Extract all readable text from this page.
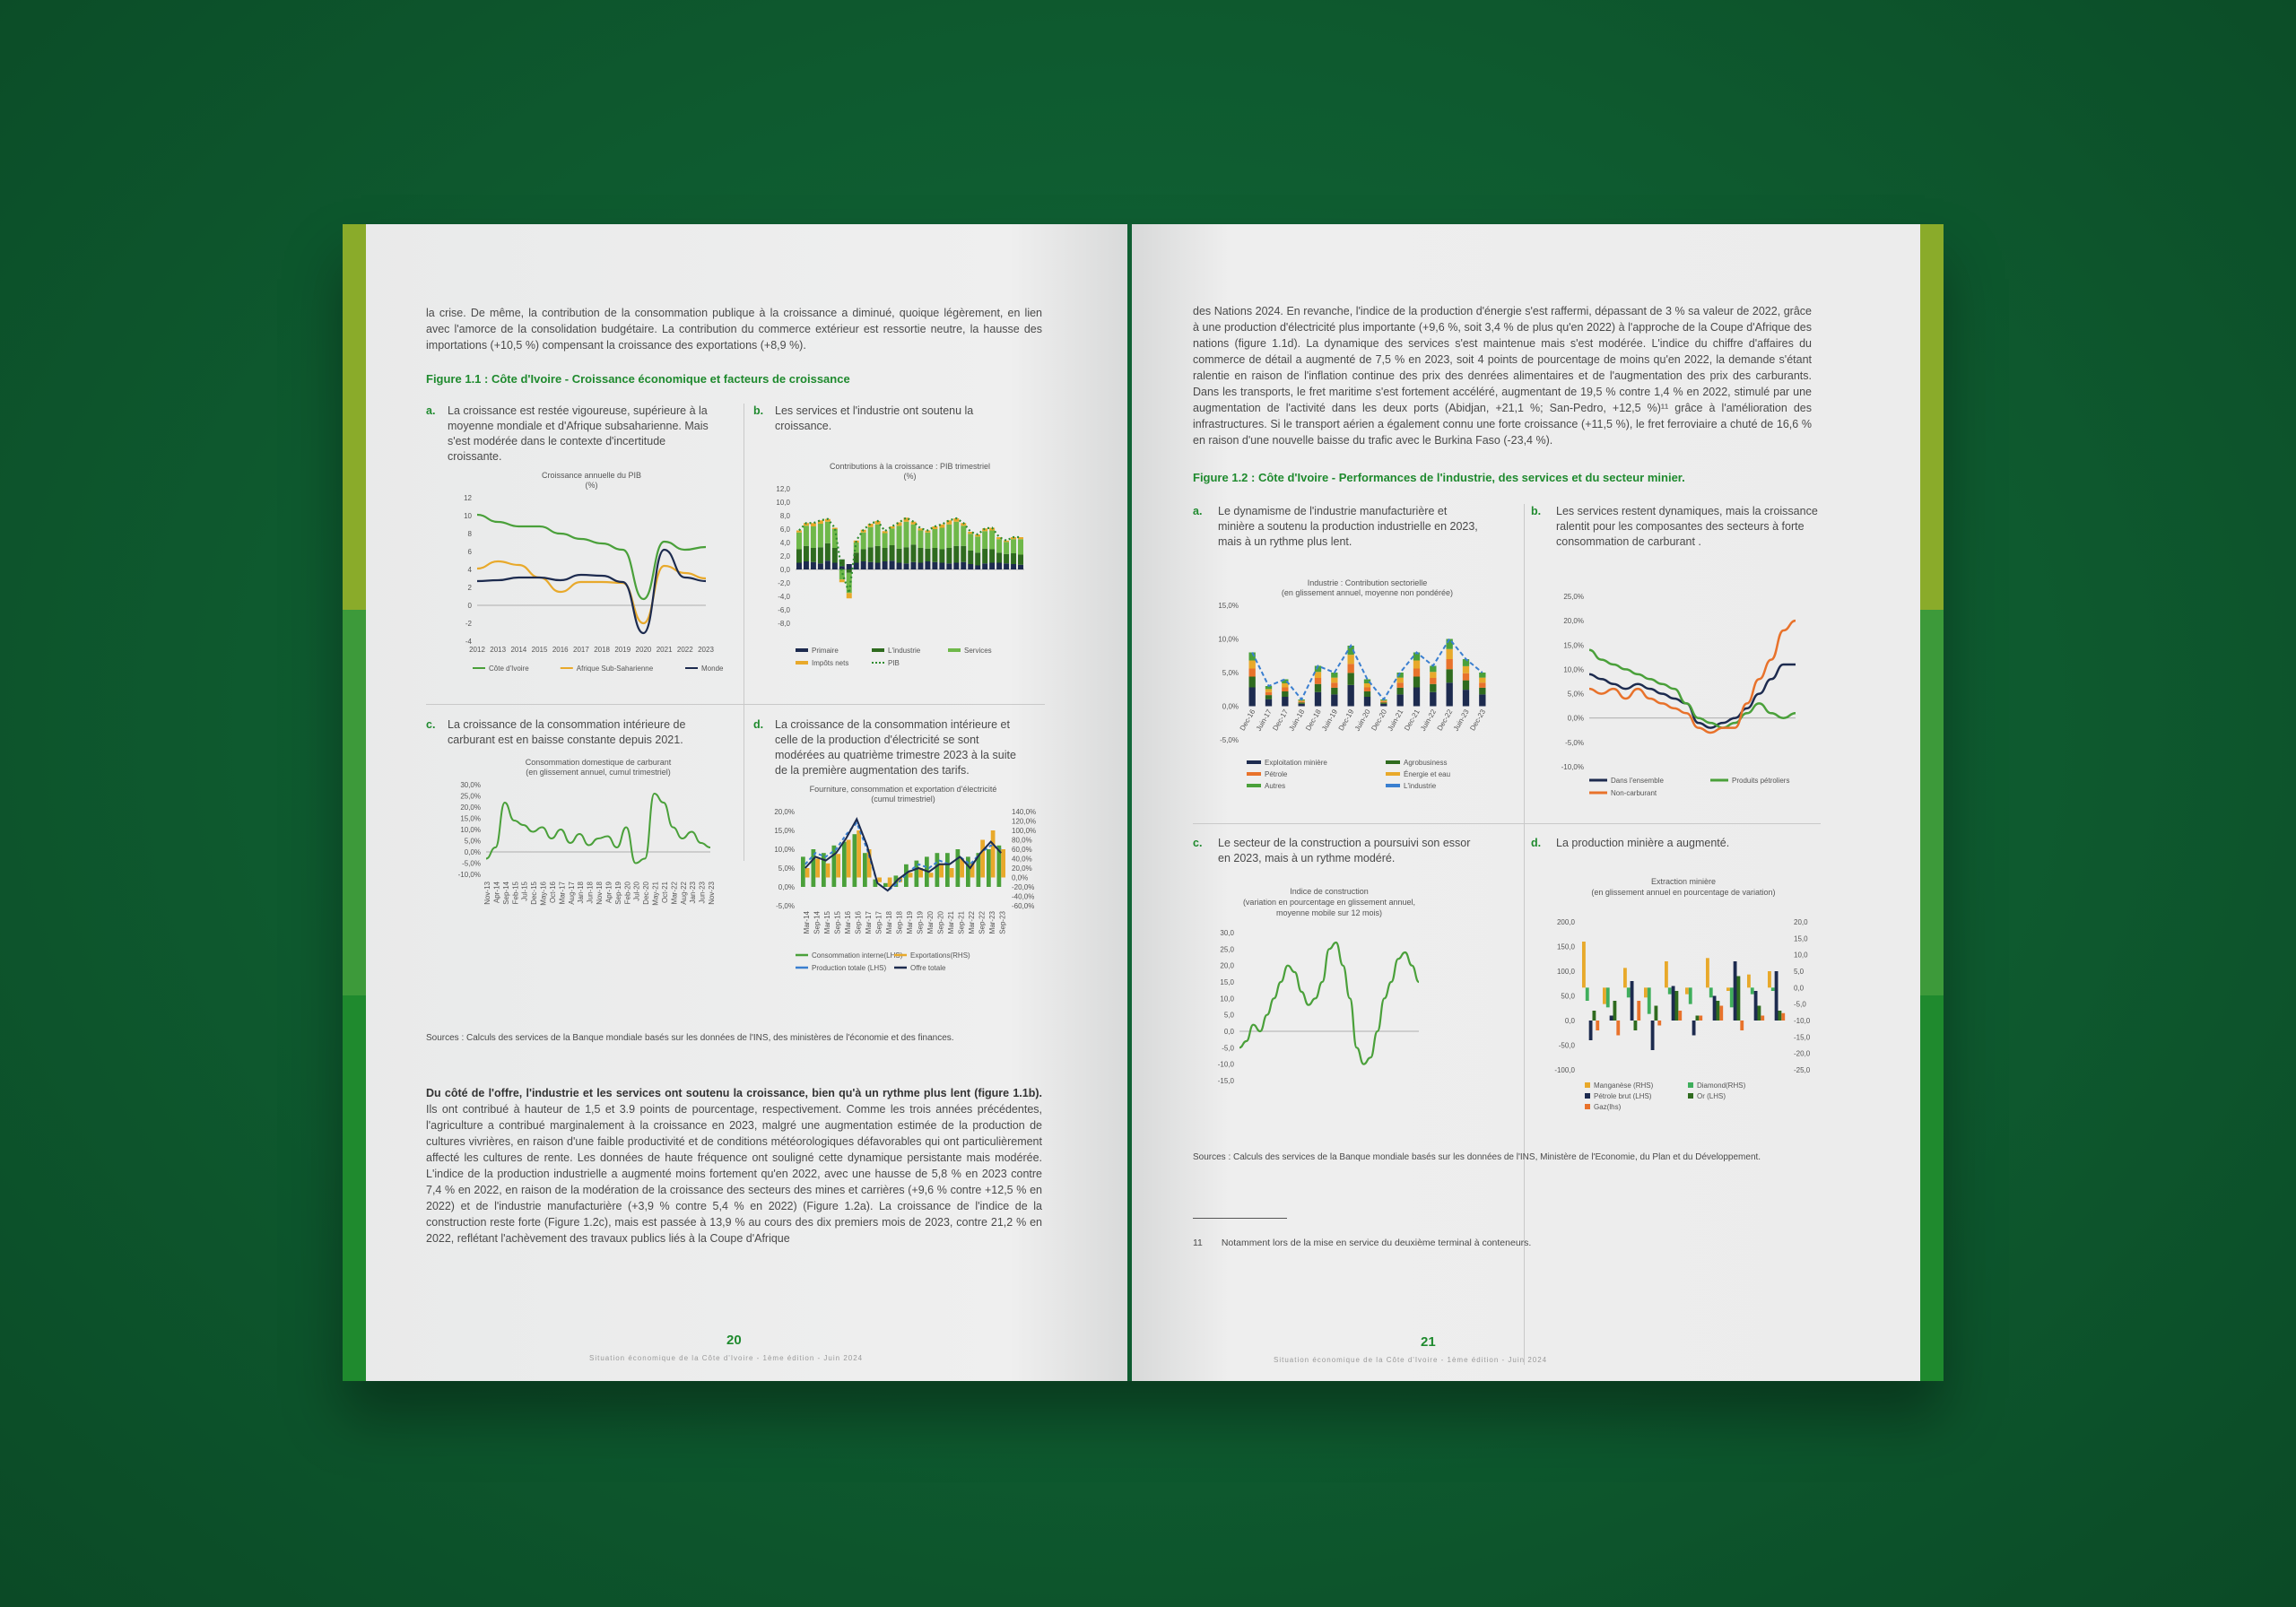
la crise. De même, la contribution de la consommation publique à la croissance a diminué, quoique légèrement, en lien avec l'amorce de la consolidation budgétaire. La contribution du commerce extérieur est ressortie neutre, la hausse des importations (+10,5 %) compensant la croissance des exportations (+8,9 %).
Figure 1.1 : Côte d'Ivoire - Croissance économique et facteurs de croissance
a. La croissance est restée vigoureuse, supérieure à la moyenne mondiale et d'Afrique subsaharienne. Mais s'est modérée dans le contexte d'incertitude croissante.
b. Les services et l'industrie ont soutenu la croissance.
Croissance annuelle du PIB
(%)
12
10
8
6
4
2
0
-2
-4
2012 2013 2014 2015 2016 2017 2018 2019 2020 2021 2022 2023
Côte d'Ivoire	Afrique Sub-Saharienne	Monde
Contributions à la croissance : PIB trimestriel
(%)
12,0
10,0
8,0
6,0
4,0
2,0
0,0
-2,0
-4,0
-6,0
-8,0
Primaire	L'industrie	Services
Impôts nets	PIB
c. La croissance de la consommation intérieure de carburant est en baisse constante depuis 2021.
d. La croissance de la consommation intérieure et celle de la production d'électricité se sont modérées au quatrième trimestre 2023 à la suite de la première augmentation des tarifs.
Consommation domestique de carburant
(en glissement annuel, cumul trimestriel)
30,0%
25,0%
20,0%
15,0%
10,0%
5,0%
0,0%
-5,0%
-10,0%
Nov-13 Apr-14 Sep-14 Feb-15 Jul-15 Dec-15 May-16 Oct-16 Mar-17 Aug-17 Jan-18 Jun-18 Nov-18 Apr-19 Sep-19 Feb-20 Jul-20 Dec-20 May-21 Oct-21 Mar-22 Aug-22 Jan-23 Jun-23 Nov-23
Fourniture, consommation et exportation d'électricité
(cumul trimestriel)
20,0%
15,0%
10,0%
5,0%
0,0%
-5,0%
140,0%
120,0%
100,0%
80,0%
60,0%
40,0%
20,0%
0,0%
-20,0%
-40,0%
-60,0%
Mar-14 Sep-14 Mar-15 Sep-15 Mar-16 Sep-16 Mar-17 Sep-17 Mar-18 Sep-18 Mar-19 Sep-19 Mar-20 Sep-20 Mar-21 Sep-21 Mar-22 Sep-22 Mar-23 Sep-23
Consommation interne(LHS) Exportations(RHS)
Production totale (LHS)	Offre totale
Sources : Calculs des services de la Banque mondiale basés sur les données de l'INS, des ministères de l'économie et des finances.
Du côté de l'offre, l'industrie et les services ont soutenu la croissance, bien qu'à un rythme plus lent (figure 1.1b). Ils ont contribué à hauteur de 1,5 et 3.9 points de pourcentage, respectivement. Comme les trois années précédentes, l'agriculture a contribué marginalement à la croissance en 2023, malgré une augmentation estimée de la production de cultures vivrières, en raison d'une faible productivité et de conditions météorologiques défavorables qui ont particulièrement affecté les cultures de rente. Les données de haute fréquence ont souligné cette dynamique persistante mais modérée. L'indice de la production industrielle a augmenté moins fortement qu'en 2022, avec une hausse de 5,8 % en 2023 contre 7,4 % en 2022, en raison de la modération de la croissance des secteurs des mines et carrières (+9,6 % contre +12,5 % en 2022) et de l'industrie manufacturière (+3,9 % contre 5,4 % en 2022) (Figure 1.2a). La croissance de l'indice de la construction reste forte (Figure 1.2c), mais est passée à 13,9 % au cours des dix premiers mois de 2023, contre 21,2 % en 2022, reflétant l'achèvement des travaux publics liés à la Coupe d'Afrique
20
Situation économique de la Côte d'Ivoire - 1ème édition - Juin 2024
des Nations 2024. En revanche, l'indice de la production d'énergie s'est raffermi, dépassant de 3 % sa valeur de 2022, grâce à une production d'électricité plus importante (+9,6 %, soit 3,4 % de plus qu'en 2022) à l'approche de la Coupe d'Afrique des nations (figure 1.1d). La dynamique des services s'est maintenue mais s'est modérée. L'indice du chiffre d'affaires du commerce de détail a augmenté de 7,5 % en 2023, soit 4 points de pourcentage de moins qu'en 2022, la demande s'étant ralentie en raison de l'inflation continue des prix des denrées alimentaires et de l'augmentation des prix des carburants. Dans les transports, le fret maritime s'est fortement accéléré, augmentant de 19,5 % contre 1,4 % en 2022, stimulé par une augmentation de l'activité dans les deux ports (Abidjan, +21,1 %; San-Pedro, +12,5 %)¹¹ grâce à l'amélioration des infrastructures. Si le transport aérien a également connu une forte croissance (+11,5 %), le fret ferroviaire a chuté de 16,6 % en raison d'une nouvelle baisse du trafic avec le Burkina Faso (-23,4 %).
Figure 1.2 : Côte d'Ivoire - Performances de l'industrie, des services et du secteur minier.
a. Le dynamisme de l'industrie manufacturière et minière a soutenu la production industrielle en 2023, mais à un rythme plus lent.
b. Les services restent dynamiques, mais la croissance ralentit pour les composantes des secteurs à forte consommation de carburant .
Industrie : Contribution sectorielle
(en glissement annuel, moyenne non pondérée)
15,0%
10,0%
5,0%
0,0%
-5,0%
Dec-16
Juin-17
Dec-17
Juin-18
Dec-18
Juin-19
Dec-19
Juin-20
Dec-20
Juin-21
Dec-21
Juin-22
Dec-22
Juin-23
Dec-23
Exploitation minière	Agrobusiness
Pétrole	Énergie et eau
Autres	L'industrie
25,0%
20,0%
15,0%
10,0%
5,0%
0,0%
-5,0%
-10,0%
Dans l'ensemble	Produits pétroliers
Non-carburant
c. Le secteur de la construction a poursuivi son essor en 2023, mais à un rythme modéré.
d. La production minière a augmenté.
Indice de construction
(variation en pourcentage en glissement annuel,
moyenne mobile sur 12 mois)
30,0
25,0
20,0
15,0
10,0
5,0
0,0
-5,0
-10,0
-15,0
Extraction minière
(en glissement annuel en pourcentage de variation)
200,0
150,0
100,0
50,0
0,0
-50,0
-100,0
20,0
15,0
10,0
5,0
0,0
-5,0
-10,0
-15,0
-20,0
-25,0
Manganèse (RHS)	Diamond(RHS)
Pétrole brut (LHS)	Or (LHS)
Gaz(lhs)
Sources : Calculs des services de la Banque mondiale basés sur les données de l'INS, Ministère de l'Economie, du Plan et du Développement.
11 Notamment lors de la mise en service du deuxième terminal à conteneurs.
21
Situation économique de la Côte d'Ivoire - 1ème édition - Juin 2024
